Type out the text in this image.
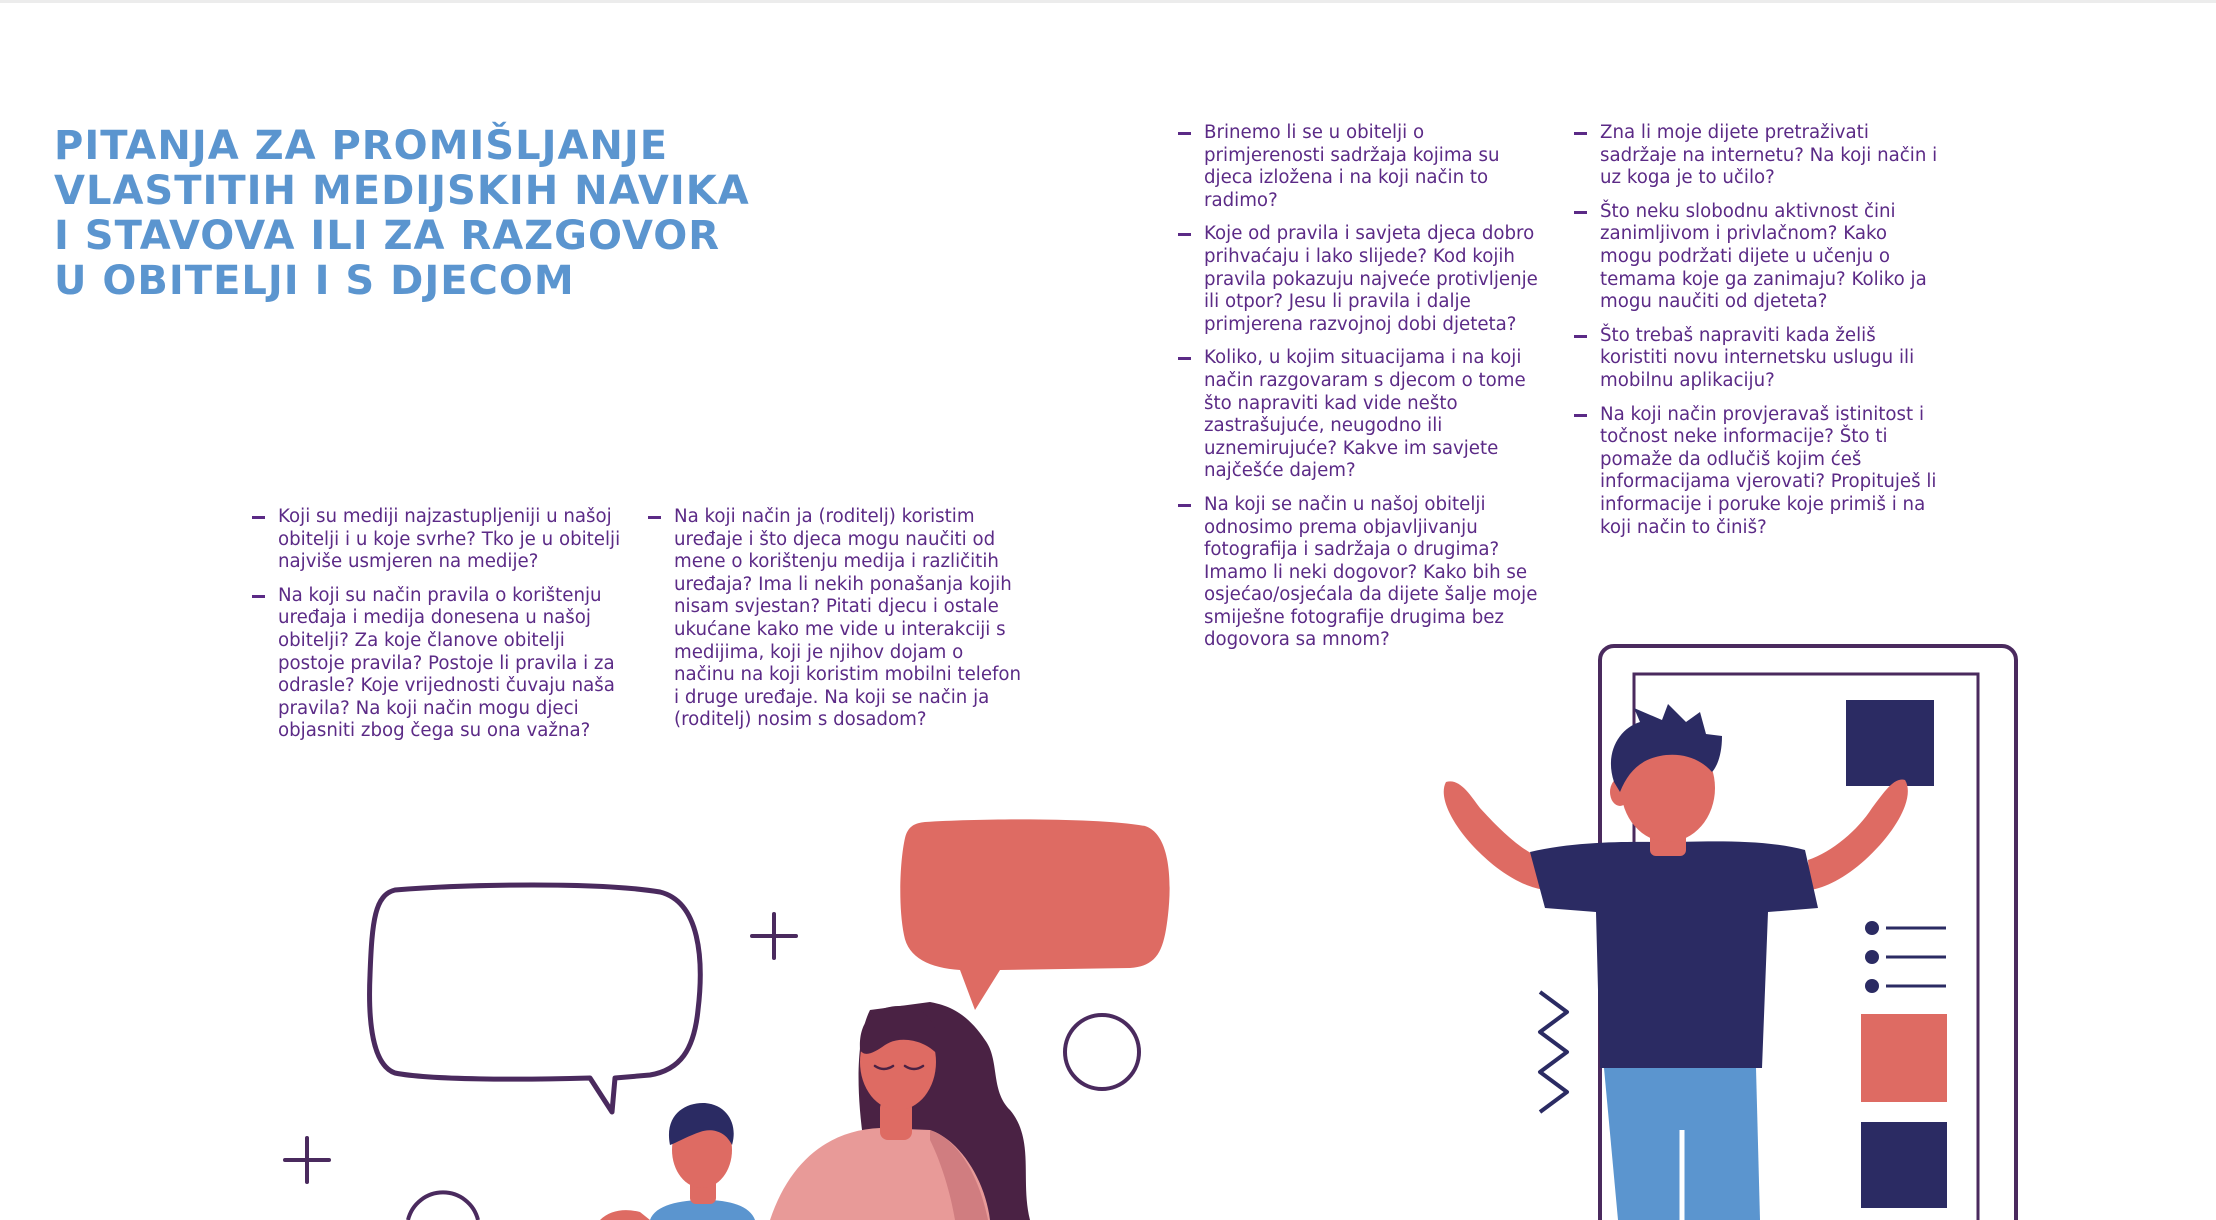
PITANJA ZA PROMIŠLJANJE
VLASTITIH MEDIJSKIH NAVIKA
I STAVOVA ILI ZA RAZGOVOR
U OBITELJI I S DJECOM
Koji su mediji najzastupljeniji u našoj obitelji i u koje svrhe? Tko je u obitelji najviše usmjeren na medije?
Na koji su način pravila o korištenju uređaja i medija donesena u našoj obitelji? Za koje članove obitelji postoje pravila? Postoje li pravila i za odrasle? Koje vrijednosti čuvaju naša pravila? Na koji način mogu djeci objasniti zbog čega su ona važna?
Na koji način ja (roditelj) koristim uređaje i što djeca mogu naučiti od mene o korištenju medija i različitih uređaja? Ima li nekih ponašanja kojih nisam svjestan? Pitati djecu i ostale ukućane kako me vide u interakciji s medijima, koji je njihov dojam o načinu na koji koristim mobilni telefon i druge uređaje. Na koji se način ja (roditelj) nosim s dosadom?
Brinemo li se u obitelji o primjerenosti sadržaja kojima su djeca izložena i na koji način to radimo?
Koje od pravila i savjeta djeca dobro prihvaćaju i lako slijede? Kod kojih pravila pokazuju najveće protivljenje ili otpor? Jesu li pravila i dalje primjerena razvojnoj dobi djeteta?
Koliko, u kojim situacijama i na koji način razgovaram s djecom o tome što napraviti kad vide nešto zastrašujuće, neugodno ili uznemirujuće? Kakve im savjete najčešće dajem?
Na koji se način u našoj obitelji odnosimo prema objavljivanju fotografija i sadržaja o drugima? Imamo li neki dogovor? Kako bih se osjećao/osjećala da dijete šalje moje smiješne fotografije drugima bez dogovora sa mnom?
Zna li moje dijete pretraživati sadržaje na internetu? Na koji način i uz koga je to učilo?
Što neku slobodnu aktivnost čini zanimljivom i privlačnom? Kako mogu podržati dijete u učenju o temama koje ga zanimaju? Koliko ja mogu naučiti od djeteta?
Što trebaš napraviti kada želiš koristiti novu internetsku uslugu ili mobilnu aplikaciju?
Na koji način provjeravaš istinitost i točnost neke informacije? Što ti pomaže da odlučiš kojim ćeš informacijama vjerovati? Propituješ li informacije i poruke koje primiš i na koji način to činiš?
